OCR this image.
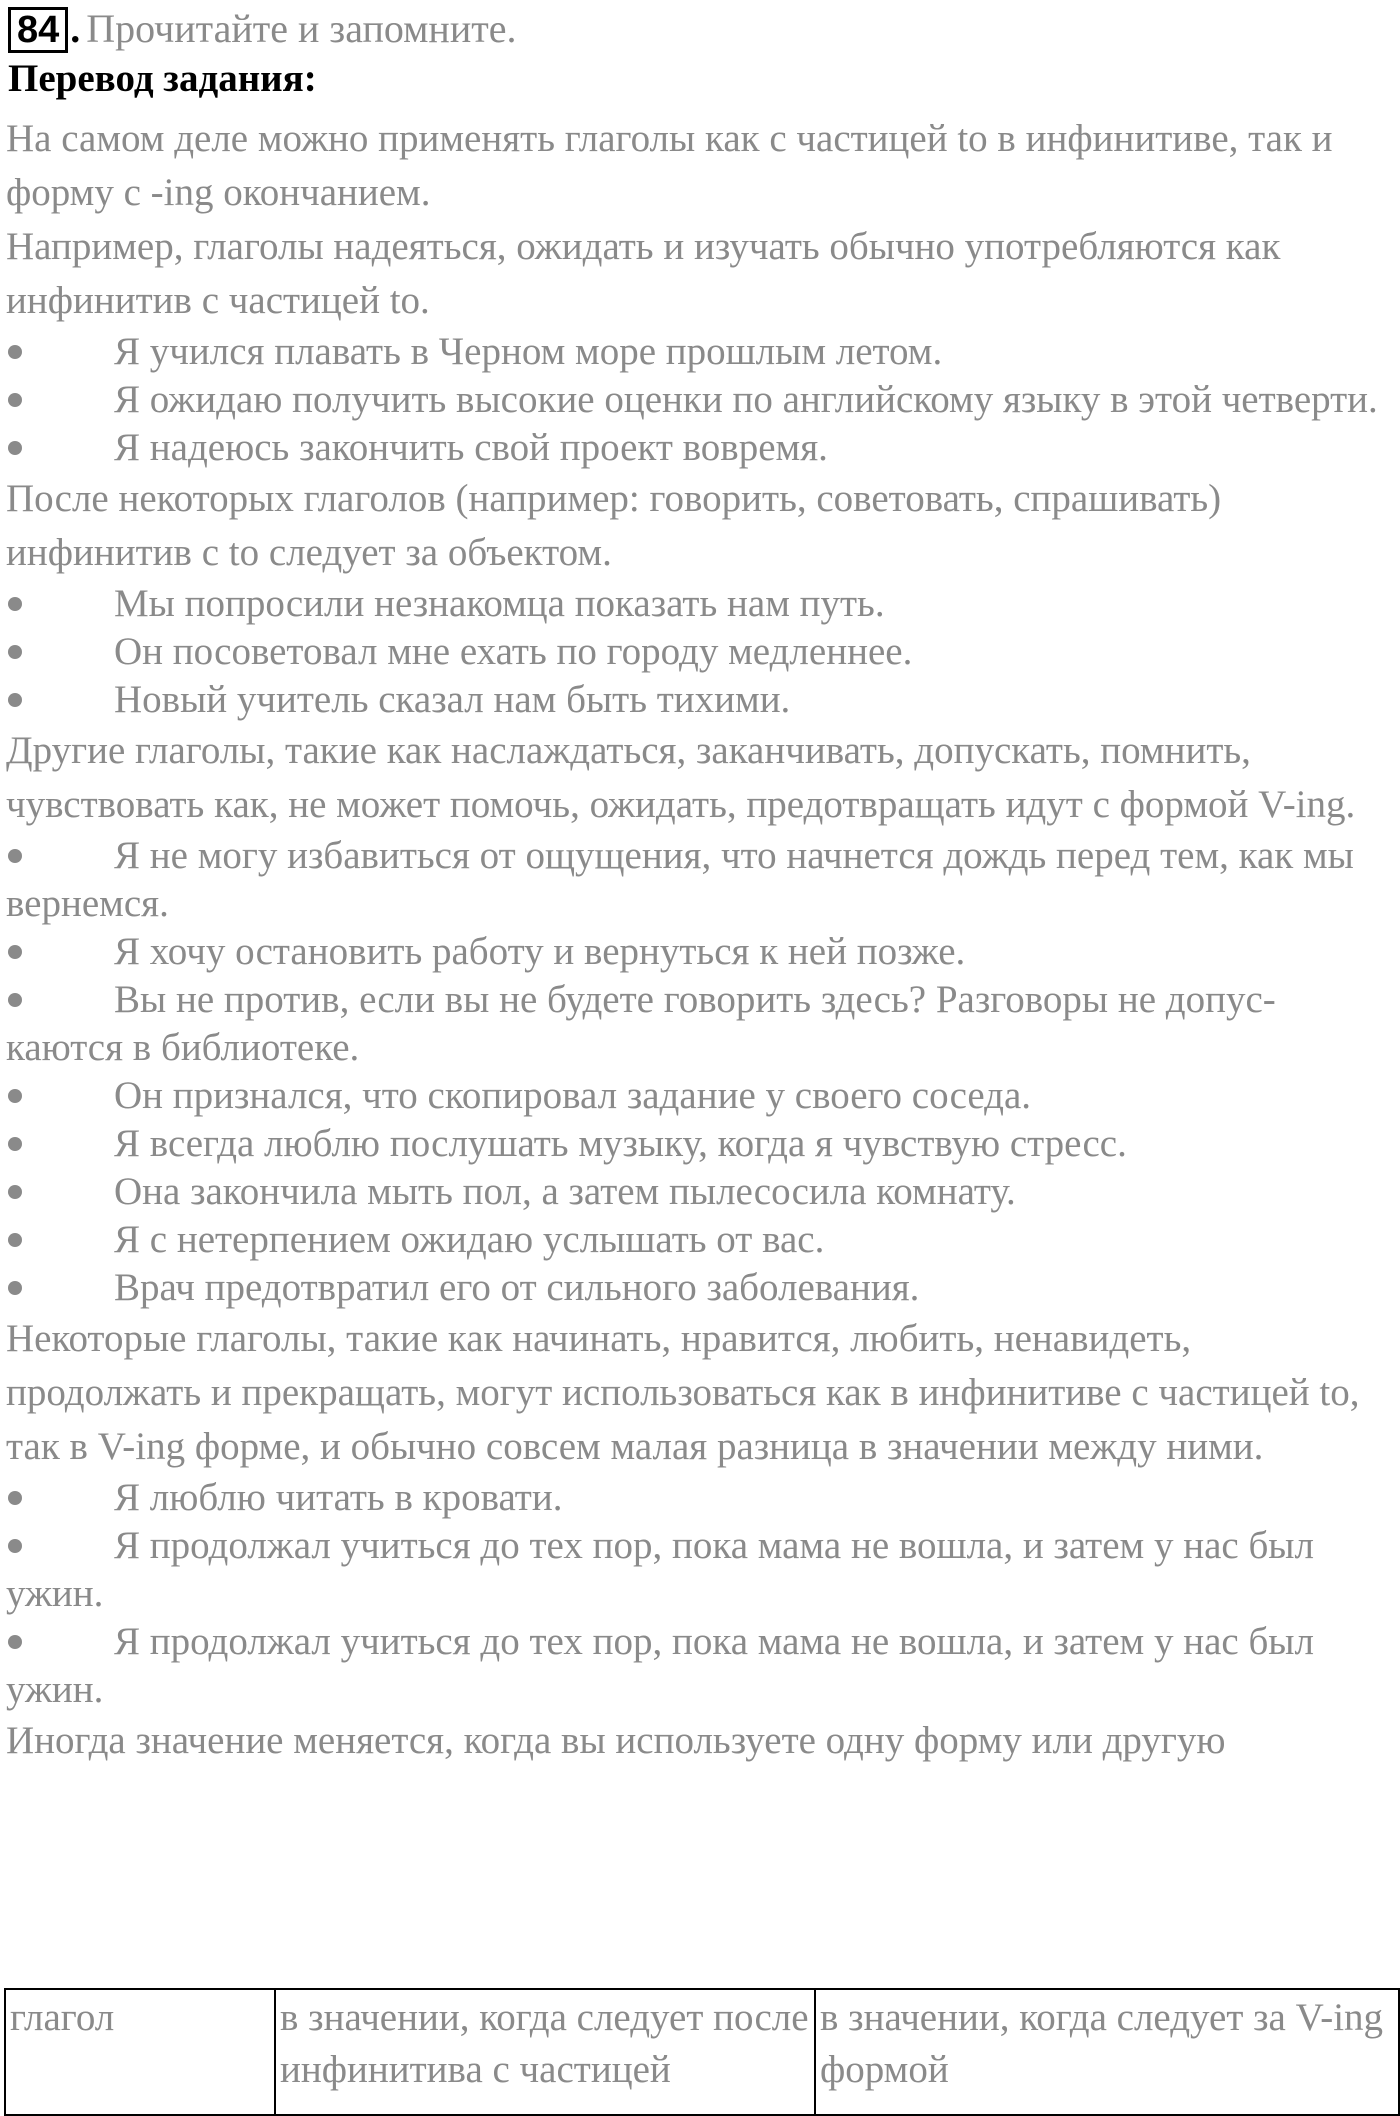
84 . Прочитайте и запомните.
Перевод задания:

На самом деле можно применять глаголы как с частицей to в инфинитиве, так и форму с -ing окончанием.

Например, глаголы надеяться, ожидать и изучать обычно употребляются как инфинитив с частицей to.

Я учился плавать в Черном море прошлым летом.

Я ожидаю получить высокие оценки по английскому языку в этой четверти.

Я надеюсь закончить свой проект вовремя.

После некоторых глаголов (например: говорить, советовать, спрашивать) инфинитив с to следует за объектом.

Мы попросили незнакомца показать нам путь.

Он посоветовал мне ехать по городу медленнее.

Новый учитель сказал нам быть тихими.

Другие глаголы, такие как наслаждаться, заканчивать, допускать, помнить, чувствовать как, не может помочь, ожидать, предотвращать идут с формой V-ing.

Я не могу избавиться от ощущения, что начнется дождь перед тем, как мы вернемся.

Я хочу остановить работу и вернуться к ней позже.

Вы не против, если вы не будете говорить здесь? Разговоры не допус-каются в библиотеке.

Он признался, что скопировал задание у своего соседа.

Я всегда люблю послушать музыку, когда я чувствую стресс.

Она закончила мыть пол, а затем пылесосила комнату.

Я с нетерпением ожидаю услышать от вас.

Врач предотвратил его от сильного заболевания.

Некоторые глаголы, такие как начинать, нравится, любить, ненавидеть, продолжать и прекращать, могут использоваться как в инфинитиве с частицей to, так в V-ing форме, и обычно совсем малая разница в значении между ними.

Я люблю читать в кровати.

Я продолжал учиться до тех пор, пока мама не вошла, и затем у нас был ужин.

Я продолжал учиться до тех пор, пока мама не вошла, и затем у нас был ужин.

Иногда значение меняется, когда вы используете одну форму или другую

глагол	в значении, когда следует после инфинитива с частицей	в значении, когда следует за V-ing формой
